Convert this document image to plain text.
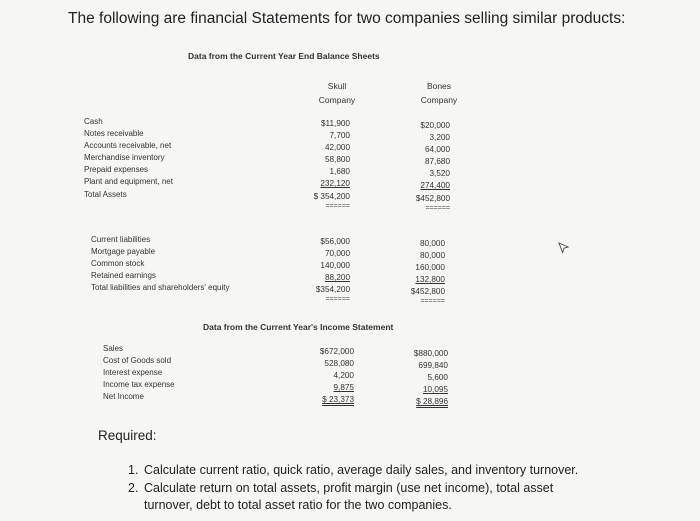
The following are financial Statements for two companies selling similar products:
Data from the Current Year End Balance Sheets
Skull
Company
Bones
Company
Cash
Notes receivable
Accounts receivable, net
Merchandise inventory
Prepaid expenses
Plant and equipment, net
Total Assets
$11,900
7,700
42,000
58,800
1,680
232,120
$ 354,200
======
$20,000
3,200
64,000
87,680
3,520
274,400
$452,800
======
Current liabilities
Mortgage payable
Common stock
Retained earnings
Total liabilities and shareholders' equity
$56,000
70,000
140,000
88,200
$354,200
======
80,000
80,000
160,000
132,800
$452,800
======
Data from the Current Year's Income Statement
Sales
Cost of Goods sold
Interest expense
Income tax expense
Net Income
$672,000
528,080
4,200
9,875
$ 23,373
$880,000
699,840
5,600
10,095
$ 28,896
Required:
1. Calculate current ratio, quick ratio, average daily sales, and inventory turnover.
2. Calculate return on total assets, profit margin (use net income), total asset
turnover, debt to total asset ratio for the two companies.
